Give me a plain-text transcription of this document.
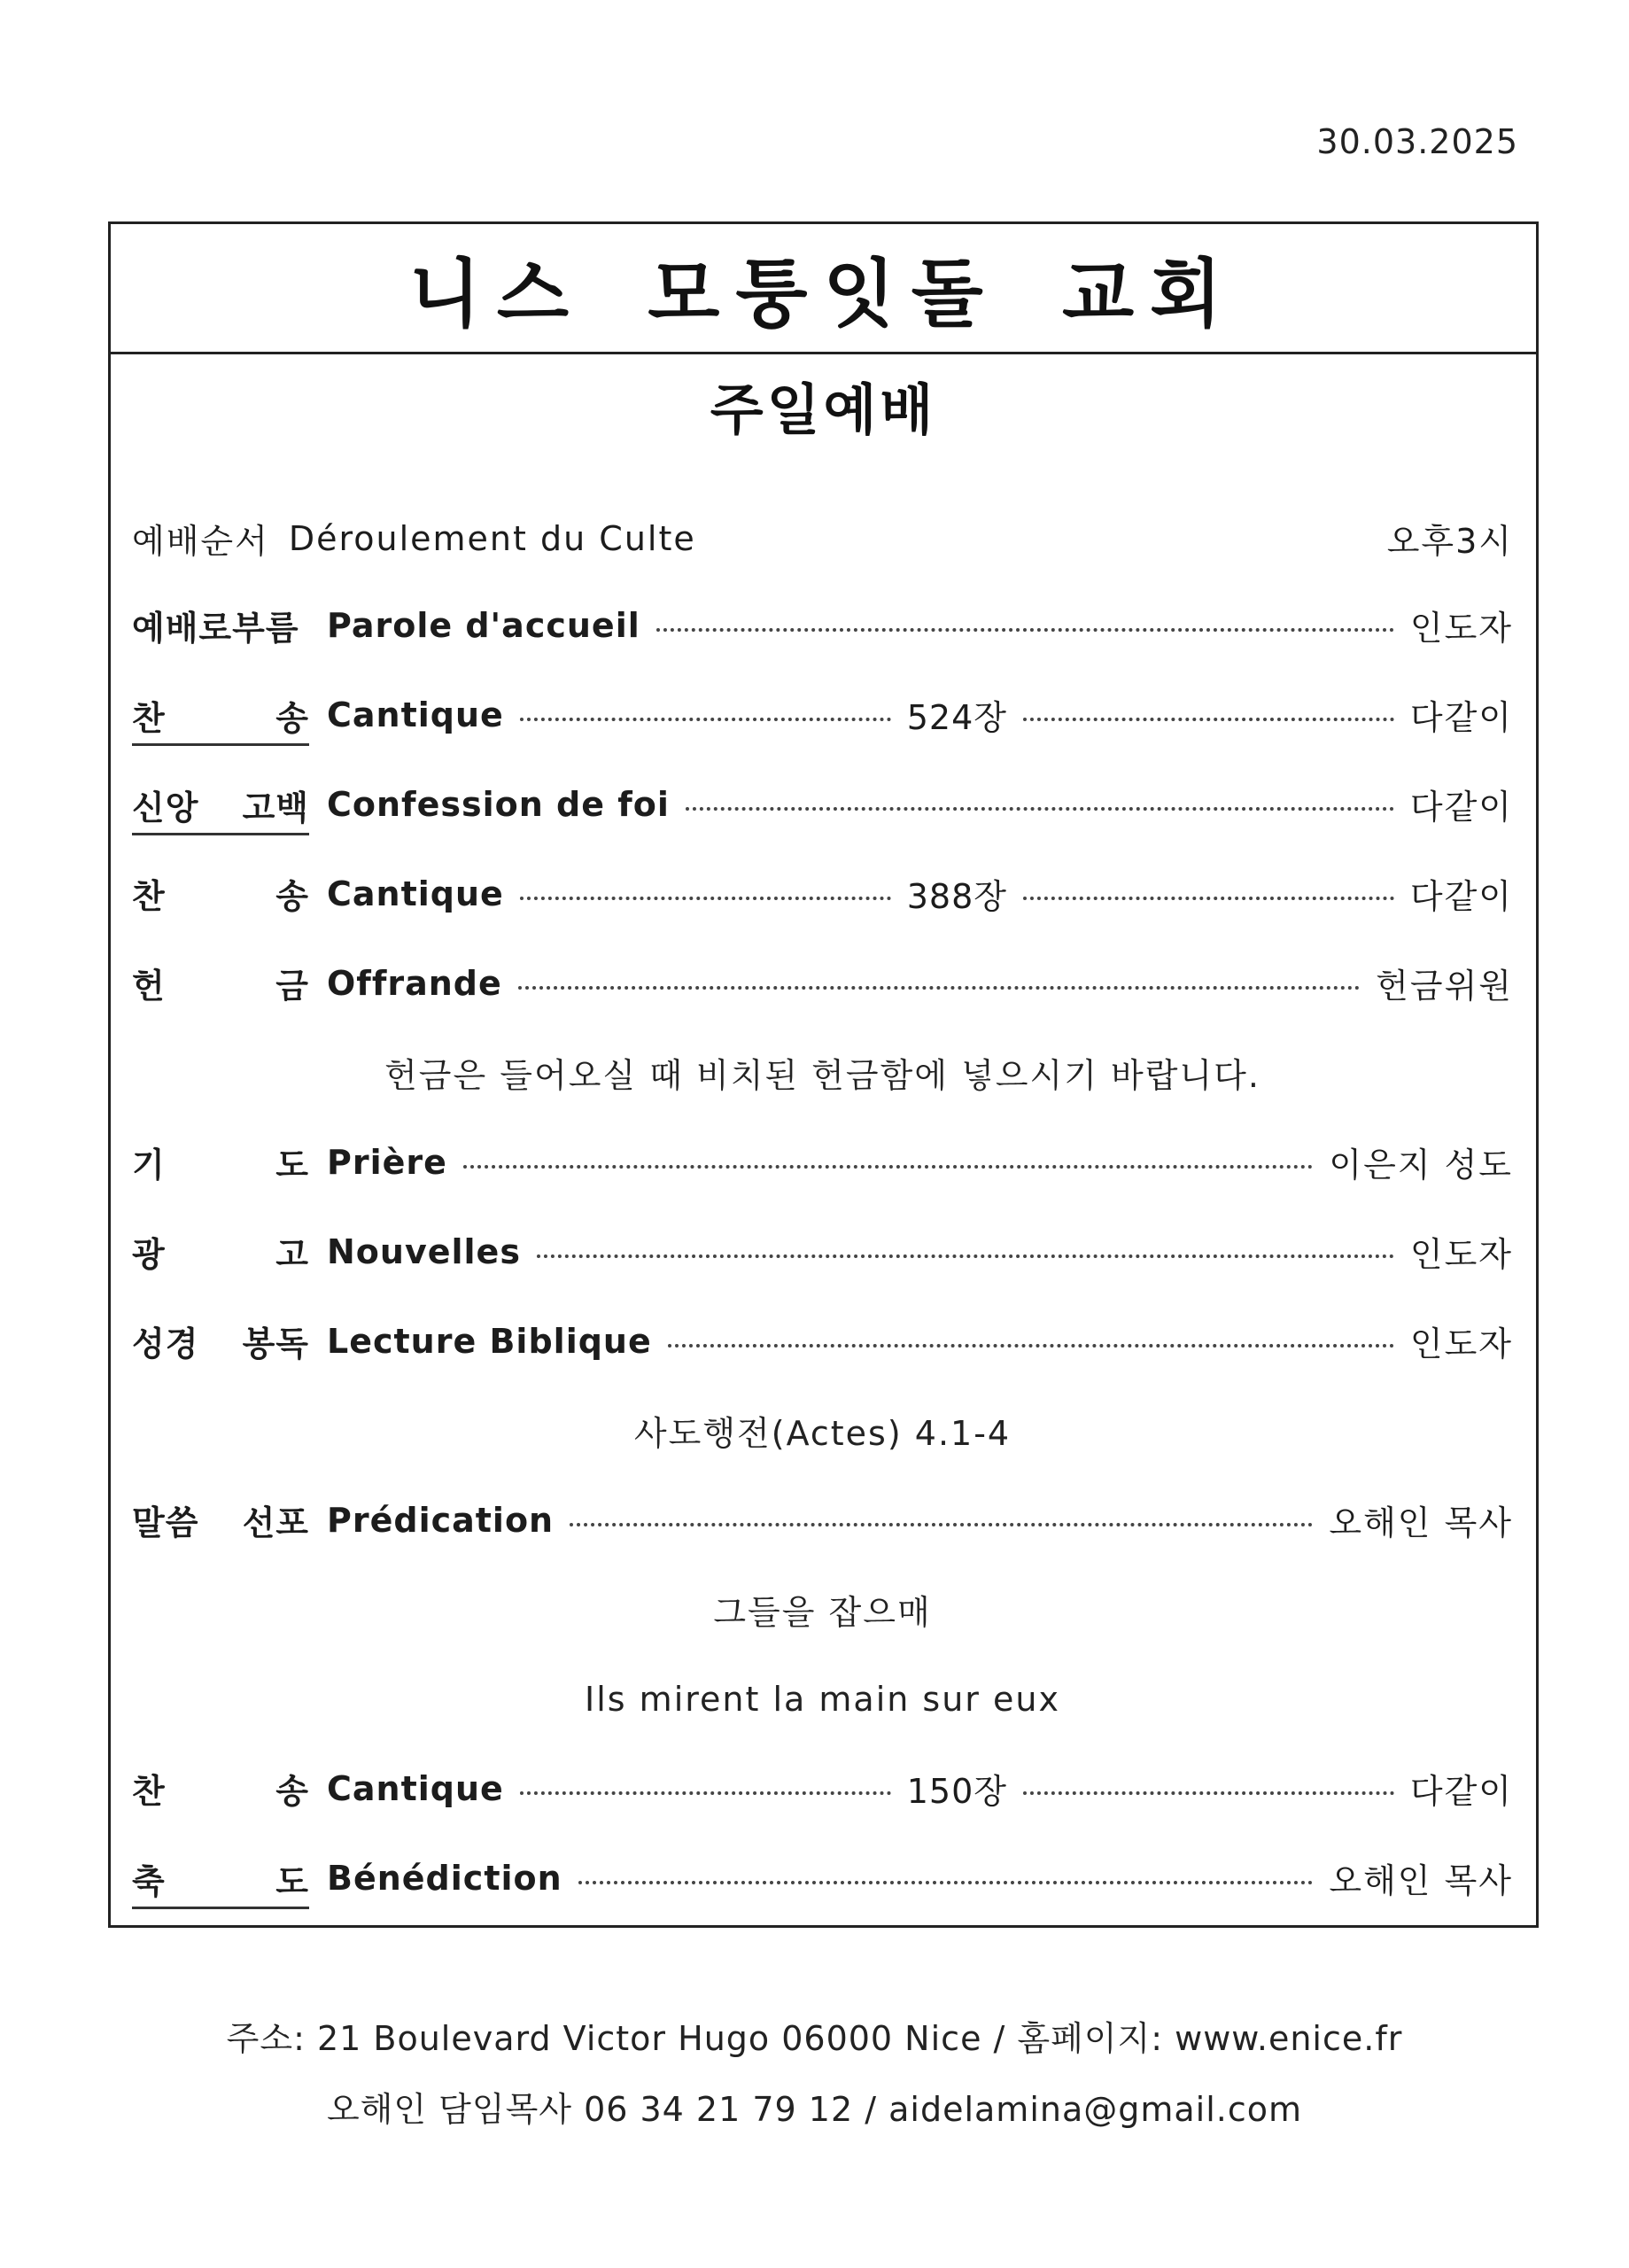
30.03.2025
니스 모퉁잇돌 교회
주일예배
예배순서 Déroulement du Culte	오후3시
예배로부름 Parole d'accueil	인도자
찬	송 Cantique	524장	다같이
신앙 고백 Confession de foi	다같이
찬	송 Cantique	388장	다같이
헌	금 Offrande	헌금위원
헌금은 들어오실 때 비치된 헌금함에 넣으시기 바랍니다.
기	도 Prière	이은지 성도
광	고 Nouvelles	인도자
성경 봉독 Lecture Biblique	인도자
사도행전(Actes) 4.1-4
말씀 선포 Prédication	오해인 목사
그들을 잡으매
Ils mirent la main sur eux
찬	송 Cantique	150장	다같이
축	도 Bénédiction	오해인 목사
주소: 21 Boulevard Victor Hugo 06000 Nice / 홈페이지: www.enice.fr
오해인 담임목사 06 34 21 79 12 / aidelamina@gmail.com
